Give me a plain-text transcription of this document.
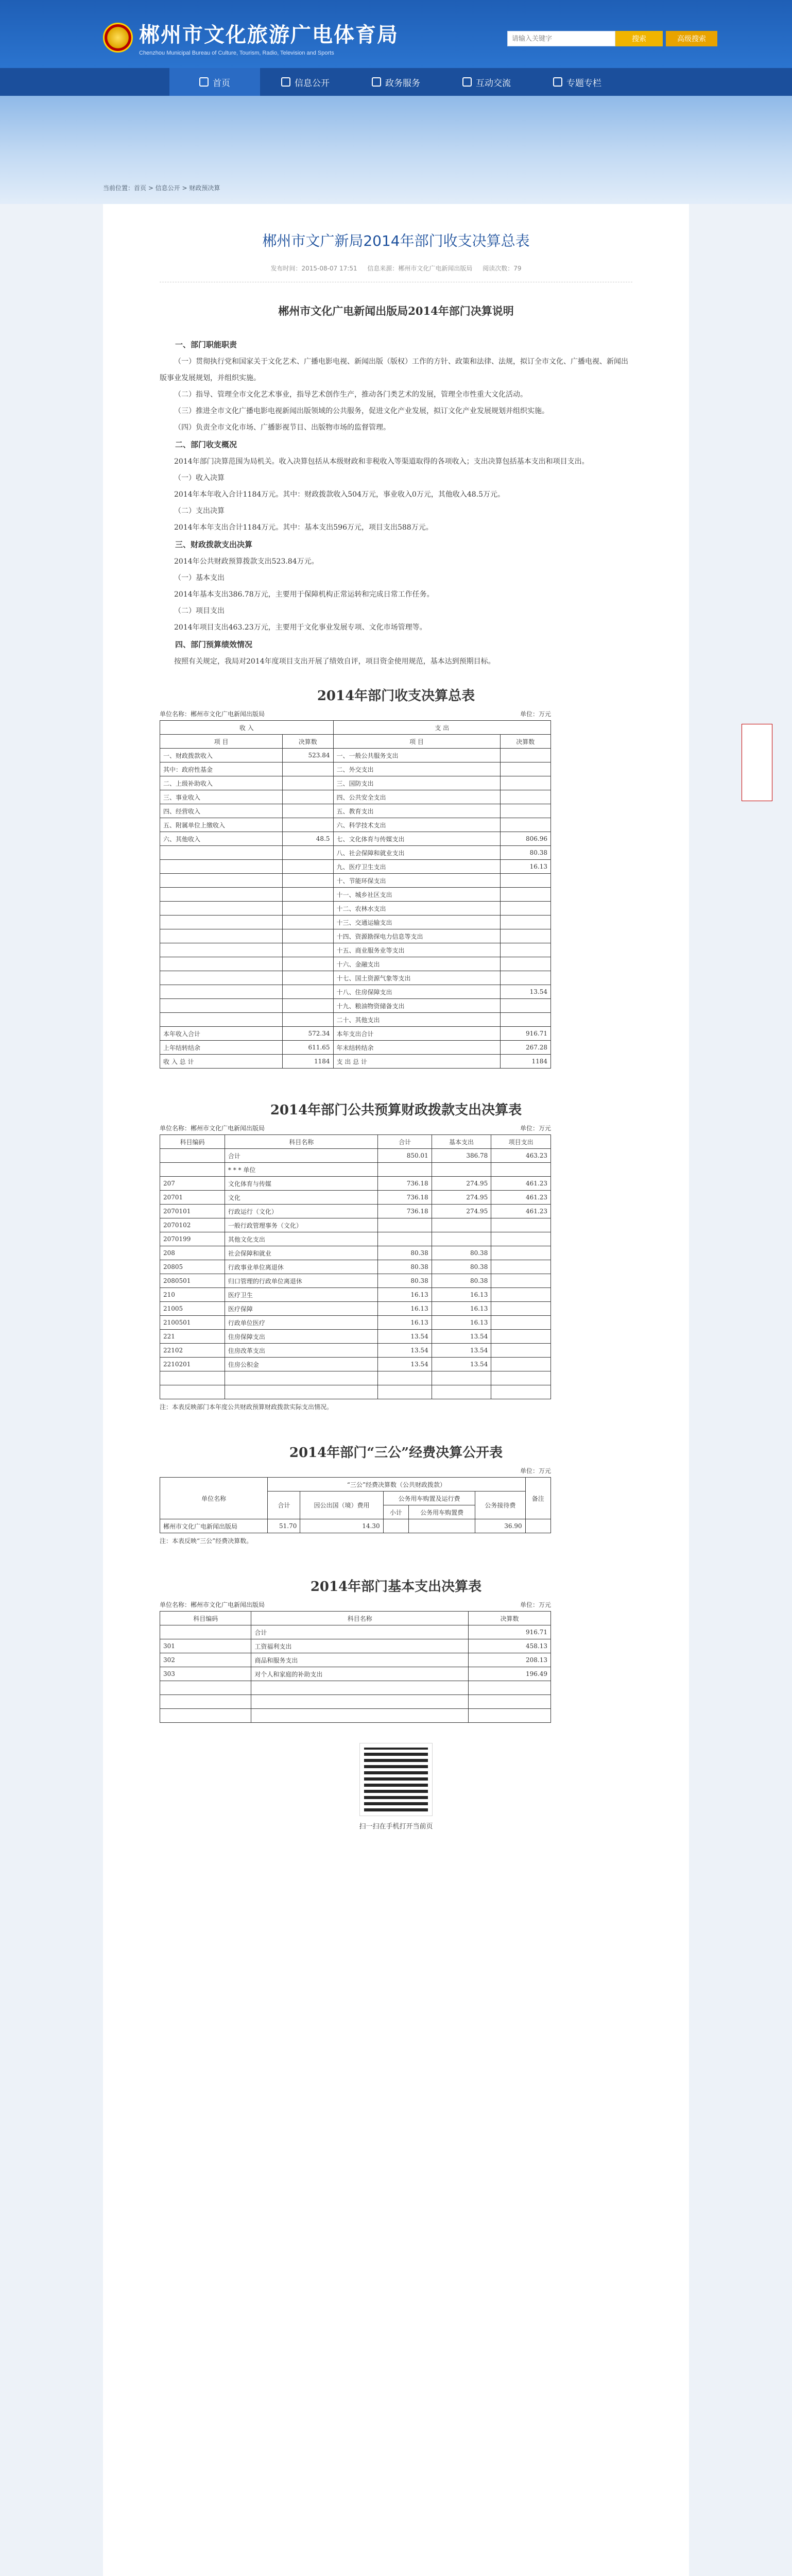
郴州市文化旅游广电体育局
Chenzhou Municipal Bureau of Culture, Tourism, Radio, Television and Sports
请输入关键字
搜索	高级搜索
首页	信息公开	政务服务	互动交流	专题专栏
当前位置：首页 > 信息公开 > 财政预决算
郴州市文广新局2014年部门收支决算总表
发布时间：2015-08-07 17:51 信息来源：郴州市文化广电新闻出版局 阅读次数：79
郴州市文化广电新闻出版局2014年部门决算说明
一、部门职能职责
（一）贯彻执行党和国家关于文化艺术、广播电影电视、新闻出版（版权）工作的方针、政策和法律、法规，拟订全市文化、广播电视、新闻出版事业发展规划，并组织实施。
（二）指导、管理全市文化艺术事业，指导艺术创作生产，推动各门类艺术的发展，管理全市性重大文化活动。
（三）推进全市文化广播电影电视新闻出版领域的公共服务，促进文化产业发展，拟订文化产业发展规划并组织实施。
（四）负责全市文化市场、广播影视节目、出版物市场的监督管理。
二、部门收支概况
2014年部门决算范围为局机关。收入决算包括从本级财政和非税收入等渠道取得的各项收入；支出决算包括基本支出和项目支出。
（一）收入决算
2014年本年收入合计1184万元。其中：财政拨款收入504万元，事业收入0万元，其他收入48.5万元。
（二）支出决算
2014年本年支出合计1184万元。其中：基本支出596万元，项目支出588万元。
三、财政拨款支出决算
2014年公共财政预算拨款支出523.84万元。
（一）基本支出
2014年基本支出386.78万元，主要用于保障机构正常运转和完成日常工作任务。
（二）项目支出
2014年项目支出463.23万元，主要用于文化事业发展专项、文化市场管理等。
四、部门预算绩效情况
按照有关规定，我局对2014年度项目支出开展了绩效自评，项目资金使用规范，基本达到预期目标。
2014年部门收支决算总表
单位名称：郴州市文化广电新闻出版局	单位：万元
收 入		支 出	
项 目	决算数	项 目	决算数
一、财政拨款收入	523.84	一、一般公共服务支出	
其中：政府性基金		二、外交支出	
二、上级补助收入		三、国防支出	
三、事业收入		四、公共安全支出	
四、经营收入		五、教育支出	
五、附属单位上缴收入		六、科学技术支出	
六、其他收入	48.5	七、文化体育与传媒支出	806.96
		八、社会保障和就业支出	80.38
		九、医疗卫生支出	16.13
		十、节能环保支出	
		十一、城乡社区支出	
		十二、农林水支出	
		十三、交通运输支出	
		十四、资源勘探电力信息等支出	
		十五、商业服务业等支出	
		十六、金融支出	
		十七、国土资源气象等支出	
		十八、住房保障支出	13.54
		十九、粮油物资储备支出	
		二十、其他支出	
本年收入合计	572.34	本年支出合计	916.71
上年结转结余	611.65	年末结转结余	267.28
收 入 总 计	1184	支 出 总 计	1184
2014年部门公共预算财政拨款支出决算表
单位名称：郴州市文化广电新闻出版局	单位：万元
科目编码	科目名称	合计	基本支出	项目支出
	合计	850.01	386.78	463.23
	* * * 单位			
207	文化体育与传媒	736.18	274.95	461.23
20701	文化	736.18	274.95	461.23
2070101	行政运行（文化）	736.18	274.95	461.23
2070102	一般行政管理事务（文化）			
2070199	其他文化支出			
208	社会保障和就业	80.38	80.38	
20805	行政事业单位离退休	80.38	80.38	
2080501	归口管理的行政单位离退休	80.38	80.38	
210	医疗卫生	16.13	16.13	
21005	医疗保障	16.13	16.13	
2100501	行政单位医疗	16.13	16.13	
221	住房保障支出	13.54	13.54	
22102	住房改革支出	13.54	13.54	
2210201	住房公积金	13.54	13.54	

注：本表反映部门本年度公共财政预算财政拨款实际支出情况。
2014年部门“三公”经费决算公开表
单位：万元
单位名称	“三公”经费决算数（公共财政拨款）					备注
	合计	因公出国（境）费用	公务用车购置及运行费		公务接待费	
			小计	公务用车购置费		
郴州市文化广电新闻出版局	51.70	14.30			36.90	
注：本表反映“三公”经费决算数。
2014年部门基本支出决算表
单位名称：郴州市文化广电新闻出版局	单位：万元
科目编码	科目名称	决算数
	合计	916.71
301	工资福利支出	458.13
302	商品和服务支出	208.13
303	对个人和家庭的补助支出	196.49

扫一扫在手机打开当前页
